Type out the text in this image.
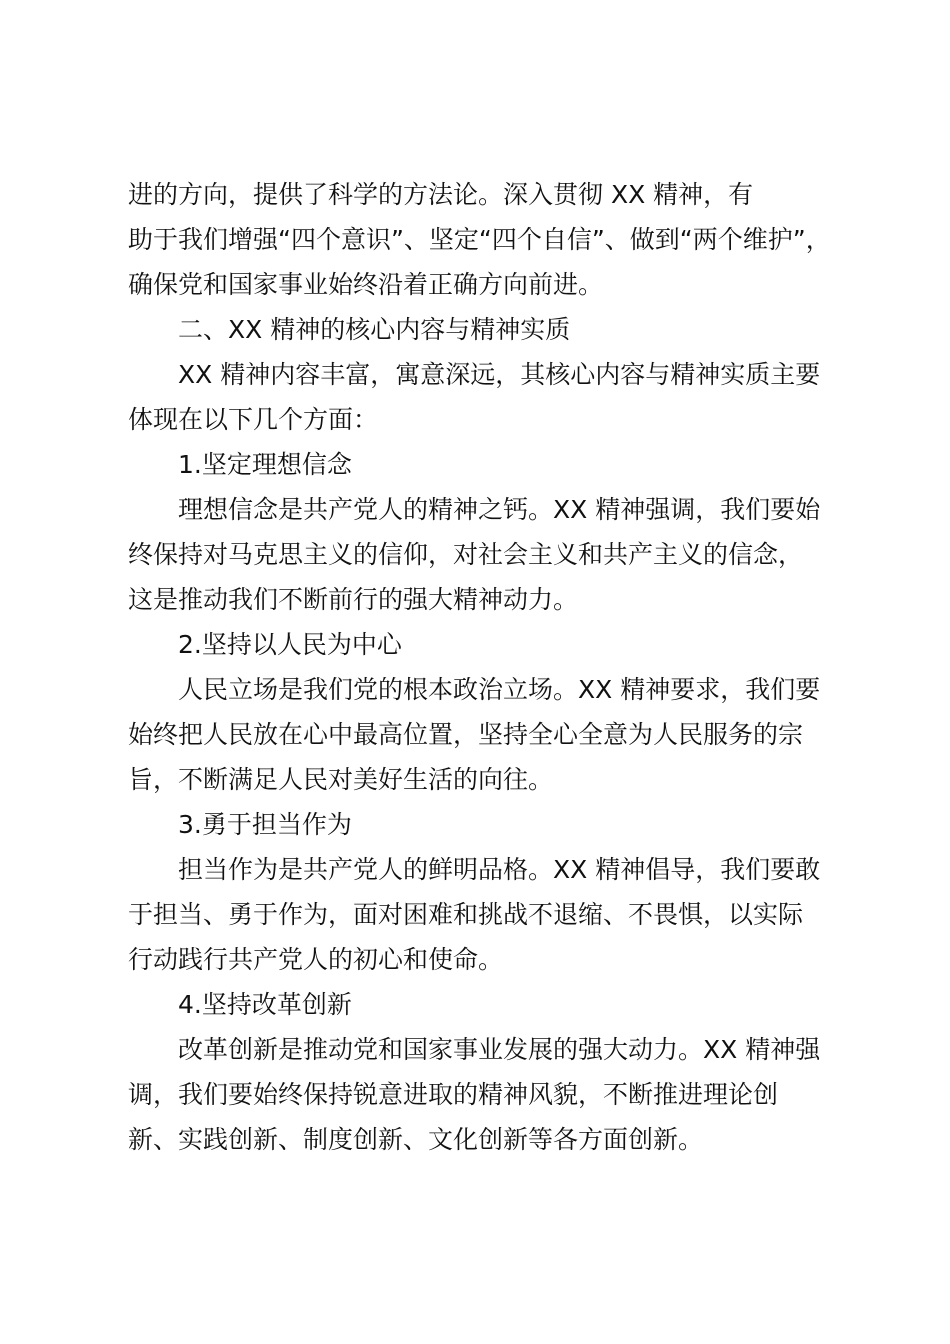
进的方向，提供了科学的方法论。深入贯彻 XX 精神，有
助于我们增强“四个意识”、坚定“四个自信”、做到“两个维护”，
确保党和国家事业始终沿着正确方向前进。

二、XX 精神的核心内容与精神实质

XX 精神内容丰富，寓意深远，其核心内容与精神实质主要
体现在以下几个方面：

1.坚定理想信念

理想信念是共产党人的精神之钙。XX 精神强调，我们要始
终保持对马克思主义的信仰，对社会主义和共产主义的信念，
这是推动我们不断前行的强大精神动力。

2.坚持以人民为中心

人民立场是我们党的根本政治立场。XX 精神要求，我们要
始终把人民放在心中最高位置，坚持全心全意为人民服务的宗
旨，不断满足人民对美好生活的向往。

3.勇于担当作为

担当作为是共产党人的鲜明品格。XX 精神倡导，我们要敢
于担当、勇于作为，面对困难和挑战不退缩、不畏惧，以实际
行动践行共产党人的初心和使命。

4.坚持改革创新

改革创新是推动党和国家事业发展的强大动力。XX 精神强
调，我们要始终保持锐意进取的精神风貌，不断推进理论创
新、实践创新、制度创新、文化创新等各方面创新。
